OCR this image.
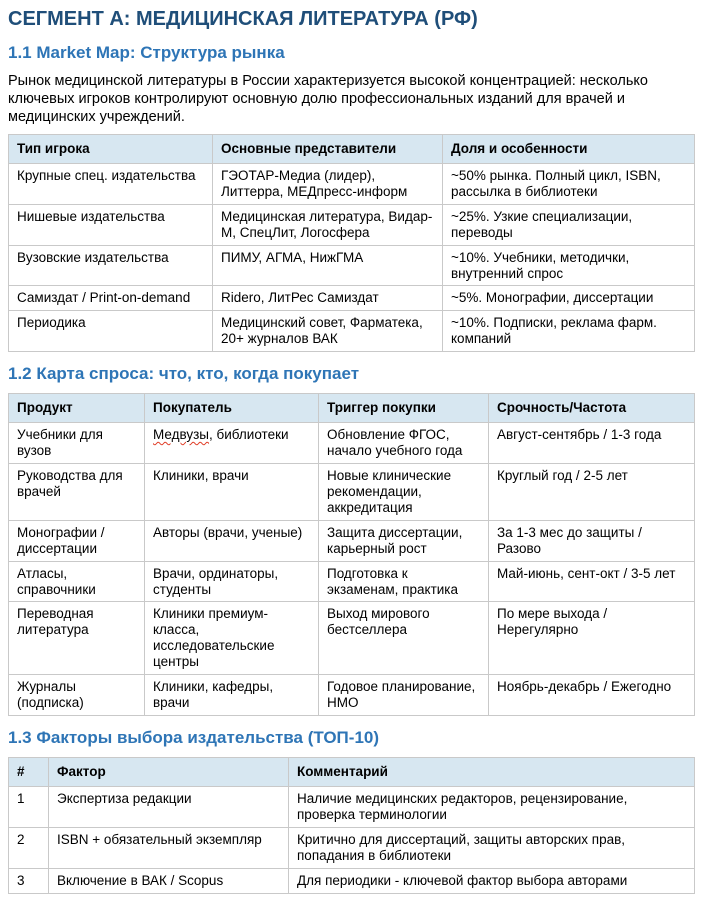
СЕГМЕНТ А: МЕДИЦИНСКАЯ ЛИТЕРАТУРА (РФ)
1.1 Market Map: Структура рынка

Рынок медицинской литературы в России характеризуется высокой концентрацией: несколько ключевых игроков контролируют основную долю профессиональных изданий для врачей и медицинских учреждений.

Тип игрока	Основные представители	Доля и особенности
Крупные спец. издательства	ГЭОТАР-Медиа (лидер), Литтерра, МЕДпресс-информ	~50% рынка. Полный цикл, ISBN, рассылка в библиотеки
Нишевые издательства	Медицинская литература, Видар-М, СпецЛит, Логосфера	~25%. Узкие специализации, переводы
Вузовские издательства	ПИМУ, АГМА, НижГМА	~10%. Учебники, методички, внутренний спрос
Самиздат / Print-on-demand	Ridero, ЛитРес Самиздат	~5%. Монографии, диссертации
Периодика	Медицинский совет, Фарматека, 20+ журналов ВАК	~10%. Подписки, реклама фарм. компаний
1.2 Карта спроса: что, кто, когда покупает
Продукт	Покупатель	Триггер покупки	Срочность/Частота
Учебники для вузов	Медвузы, библиотеки	Обновление ФГОС, начало учебного года	Август-сентябрь / 1-3 года
Руководства для врачей	Клиники, врачи	Новые клинические рекомендации, аккредитация	Круглый год / 2-5 лет
Монографии / диссертации	Авторы (врачи, ученые)	Защита диссертации, карьерный рост	За 1-3 мес до защиты / Разово
Атласы, справочники	Врачи, ординаторы, студенты	Подготовка к экзаменам, практика	Май-июнь, сент-окт / 3-5 лет
Переводная литература	Клиники премиум-класса, исследовательские центры	Выход мирового бестселлера	По мере выхода / Нерегулярно
Журналы (подписка)	Клиники, кафедры, врачи	Годовое планирование, НМО	Ноябрь-декабрь / Ежегодно
1.3 Факторы выбора издательства (ТОП-10)
#	Фактор	Комментарий
1	Экспертиза редакции	Наличие медицинских редакторов, рецензирование, проверка терминологии
2	ISBN + обязательный экземпляр	Критично для диссертаций, защиты авторских прав, попадания в библиотеки
3	Включение в ВАК / Scopus	Для периодики - ключевой фактор выбора авторами
